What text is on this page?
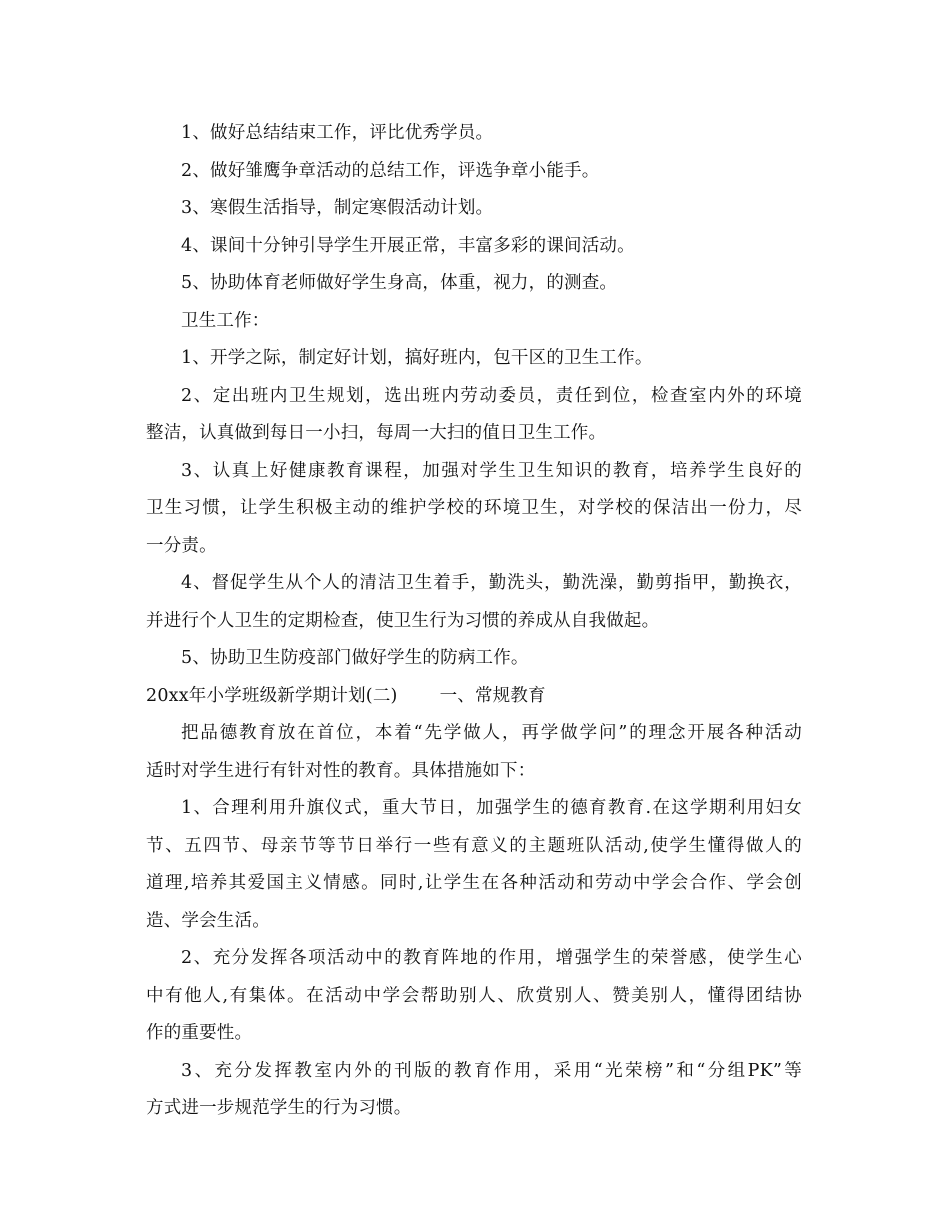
1、做好总结结束工作，评比优秀学员。
2、做好雏鹰争章活动的总结工作，评选争章小能手。
3、寒假生活指导，制定寒假活动计划。
4、课间十分钟引导学生开展正常，丰富多彩的课间活动。
5、协助体育老师做好学生身高，体重，视力，的测查。
卫生工作：
1、开学之际，制定好计划，搞好班内，包干区的卫生工作。
2、定出班内卫生规划，选出班内劳动委员，责任到位，检查室内外的环境
整洁，认真做到每日一小扫，每周一大扫的值日卫生工作。
3、认真上好健康教育课程，加强对学生卫生知识的教育，培养学生良好的
卫生习惯，让学生积极主动的维护学校的环境卫生，对学校的保洁出一份力，尽
一分责。
4、督促学生从个人的清洁卫生着手，勤洗头，勤洗澡，勤剪指甲，勤换衣，
并进行个人卫生的定期检查，使卫生行为习惯的养成从自我做起。
5、协助卫生防疫部门做好学生的防病工作。
20xx年小学班级新学期计划(二) 一、常规教育
把品德教育放在首位，本着“先学做人，再学做学问”的理念开展各种活动
适时对学生进行有针对性的教育。具体措施如下：
1、合理利用升旗仪式，重大节日，加强学生的德育教育.在这学期利用妇女
节、五四节、母亲节等节日举行一些有意义的主题班队活动,使学生懂得做人的
道理,培养其爱国主义情感。同时,让学生在各种活动和劳动中学会合作、学会创
造、学会生活。
2、充分发挥各项活动中的教育阵地的作用，增强学生的荣誉感，使学生心
中有他人,有集体。在活动中学会帮助别人、欣赏别人、赞美别人，懂得团结协
作的重要性。
3、充分发挥教室内外的刊版的教育作用，采用“光荣榜”和“分组PK”等
方式进一步规范学生的行为习惯。
